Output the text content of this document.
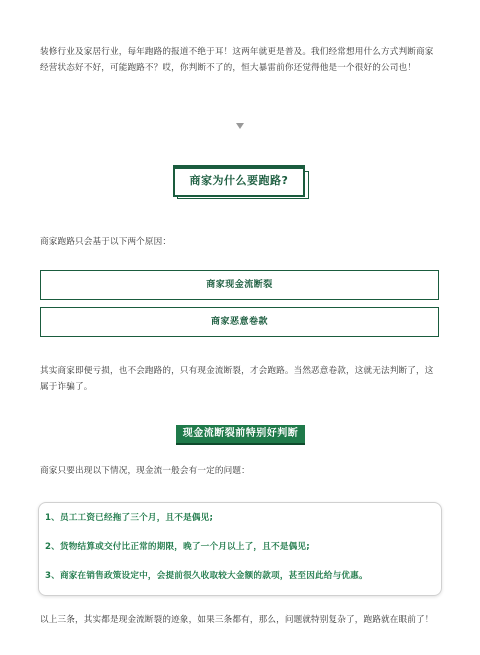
装修行业及家居行业，每年跑路的报道不绝于耳！这两年就更是普及。我们经常想用什么方式判断商家

经营状态好不好，可能跑路不？哎，你判断不了的，恒大暴雷前你还觉得他是一个很好的公司也！

商家为什么要跑路?

商家跑路只会基于以下两个原因：

商家现金流断裂
商家恶意卷款

其实商家即便亏损，也不会跑路的，只有现金流断裂，才会跑路。当然恶意卷款，这就无法判断了，这

属于诈骗了。

现金流断裂前特别好判断

商家只要出现以下情况，现金流一般会有一定的问题：

1、员工工资已经拖了三个月，且不是偶见;
2、货物结算或交付比正常的期限，晚了一个月以上了，且不是偶见;
3、商家在销售政策设定中，会提前很久收取较大金额的款项，甚至因此给与优惠。

以上三条，其实都是现金流断裂的迹象，如果三条都有，那么，问题就特别复杂了，跑路就在眼前了！
